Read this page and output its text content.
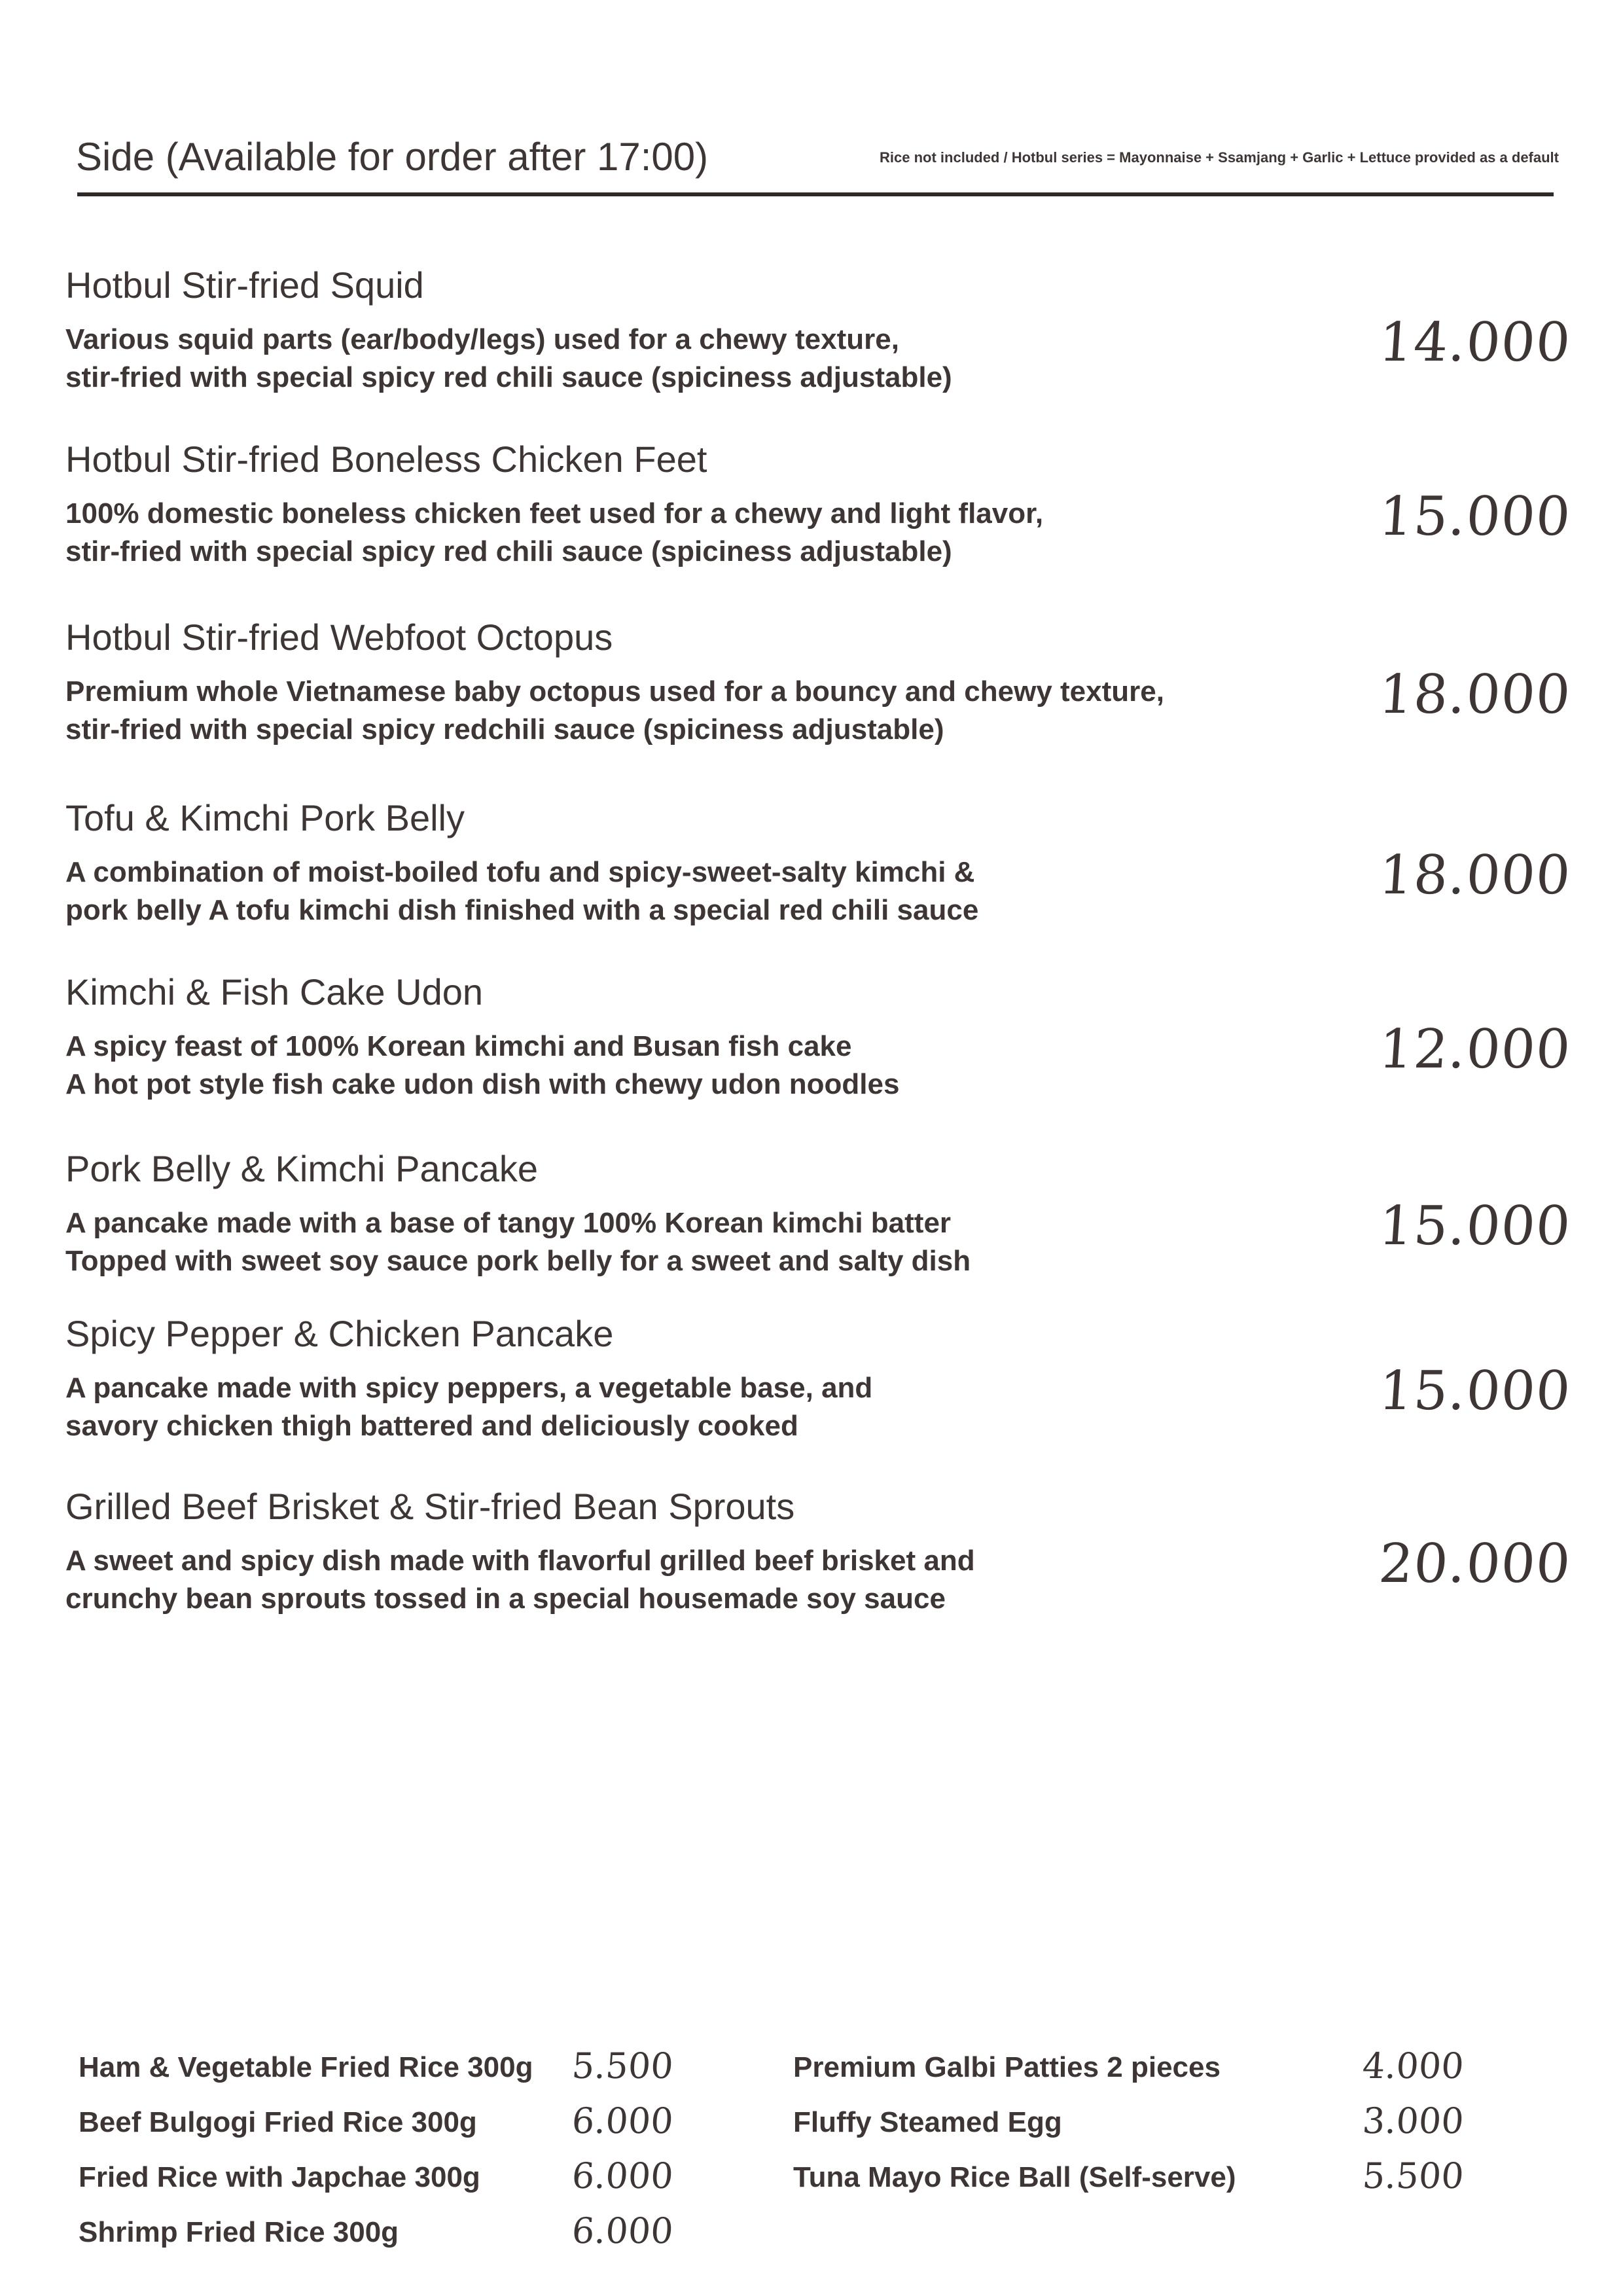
Side (Available for order after 17:00)	Rice not included / Hotbul series = Mayonnaise + Ssamjang + Garlic + Lettuce provided as a default
Hotbul Stir-fried Squid
Various squid parts (ear/body/legs) used for a chewy texture,
stir-fried with special spicy red chili sauce (spiciness adjustable)
14.000
Hotbul Stir-fried Boneless Chicken Feet
100% domestic boneless chicken feet used for a chewy and light flavor,
stir-fried with special spicy red chili sauce (spiciness adjustable)
15.000
Hotbul Stir-fried Webfoot Octopus
Premium whole Vietnamese baby octopus used for a bouncy and chewy texture,
stir-fried with special spicy redchili sauce (spiciness adjustable)
18.000
Tofu & Kimchi Pork Belly
A combination of moist-boiled tofu and spicy-sweet-salty kimchi &
pork belly A tofu kimchi dish finished with a special red chili sauce
18.000
Kimchi & Fish Cake Udon
A spicy feast of 100% Korean kimchi and Busan fish cake
A hot pot style fish cake udon dish with chewy udon noodles
12.000
Pork Belly & Kimchi Pancake
A pancake made with a base of tangy 100% Korean kimchi batter
Topped with sweet soy sauce pork belly for a sweet and salty dish
15.000
Spicy Pepper & Chicken Pancake
A pancake made with spicy peppers, a vegetable base, and
savory chicken thigh battered and deliciously cooked
15.000
Grilled Beef Brisket & Stir-fried Bean Sprouts
A sweet and spicy dish made with flavorful grilled beef brisket and
crunchy bean sprouts tossed in a special housemade soy sauce
20.000
Ham & Vegetable Fried Rice 300g 5.500
Beef Bulgogi Fried Rice 300g	6.000
Fried Rice with Japchae 300g	6.000
Shrimp Fried Rice 300g	6.000
Premium Galbi Patties 2 pieces	4.000
Fluffy Steamed Egg	3.000
Tuna Mayo Rice Ball (Self-serve)	5.500
